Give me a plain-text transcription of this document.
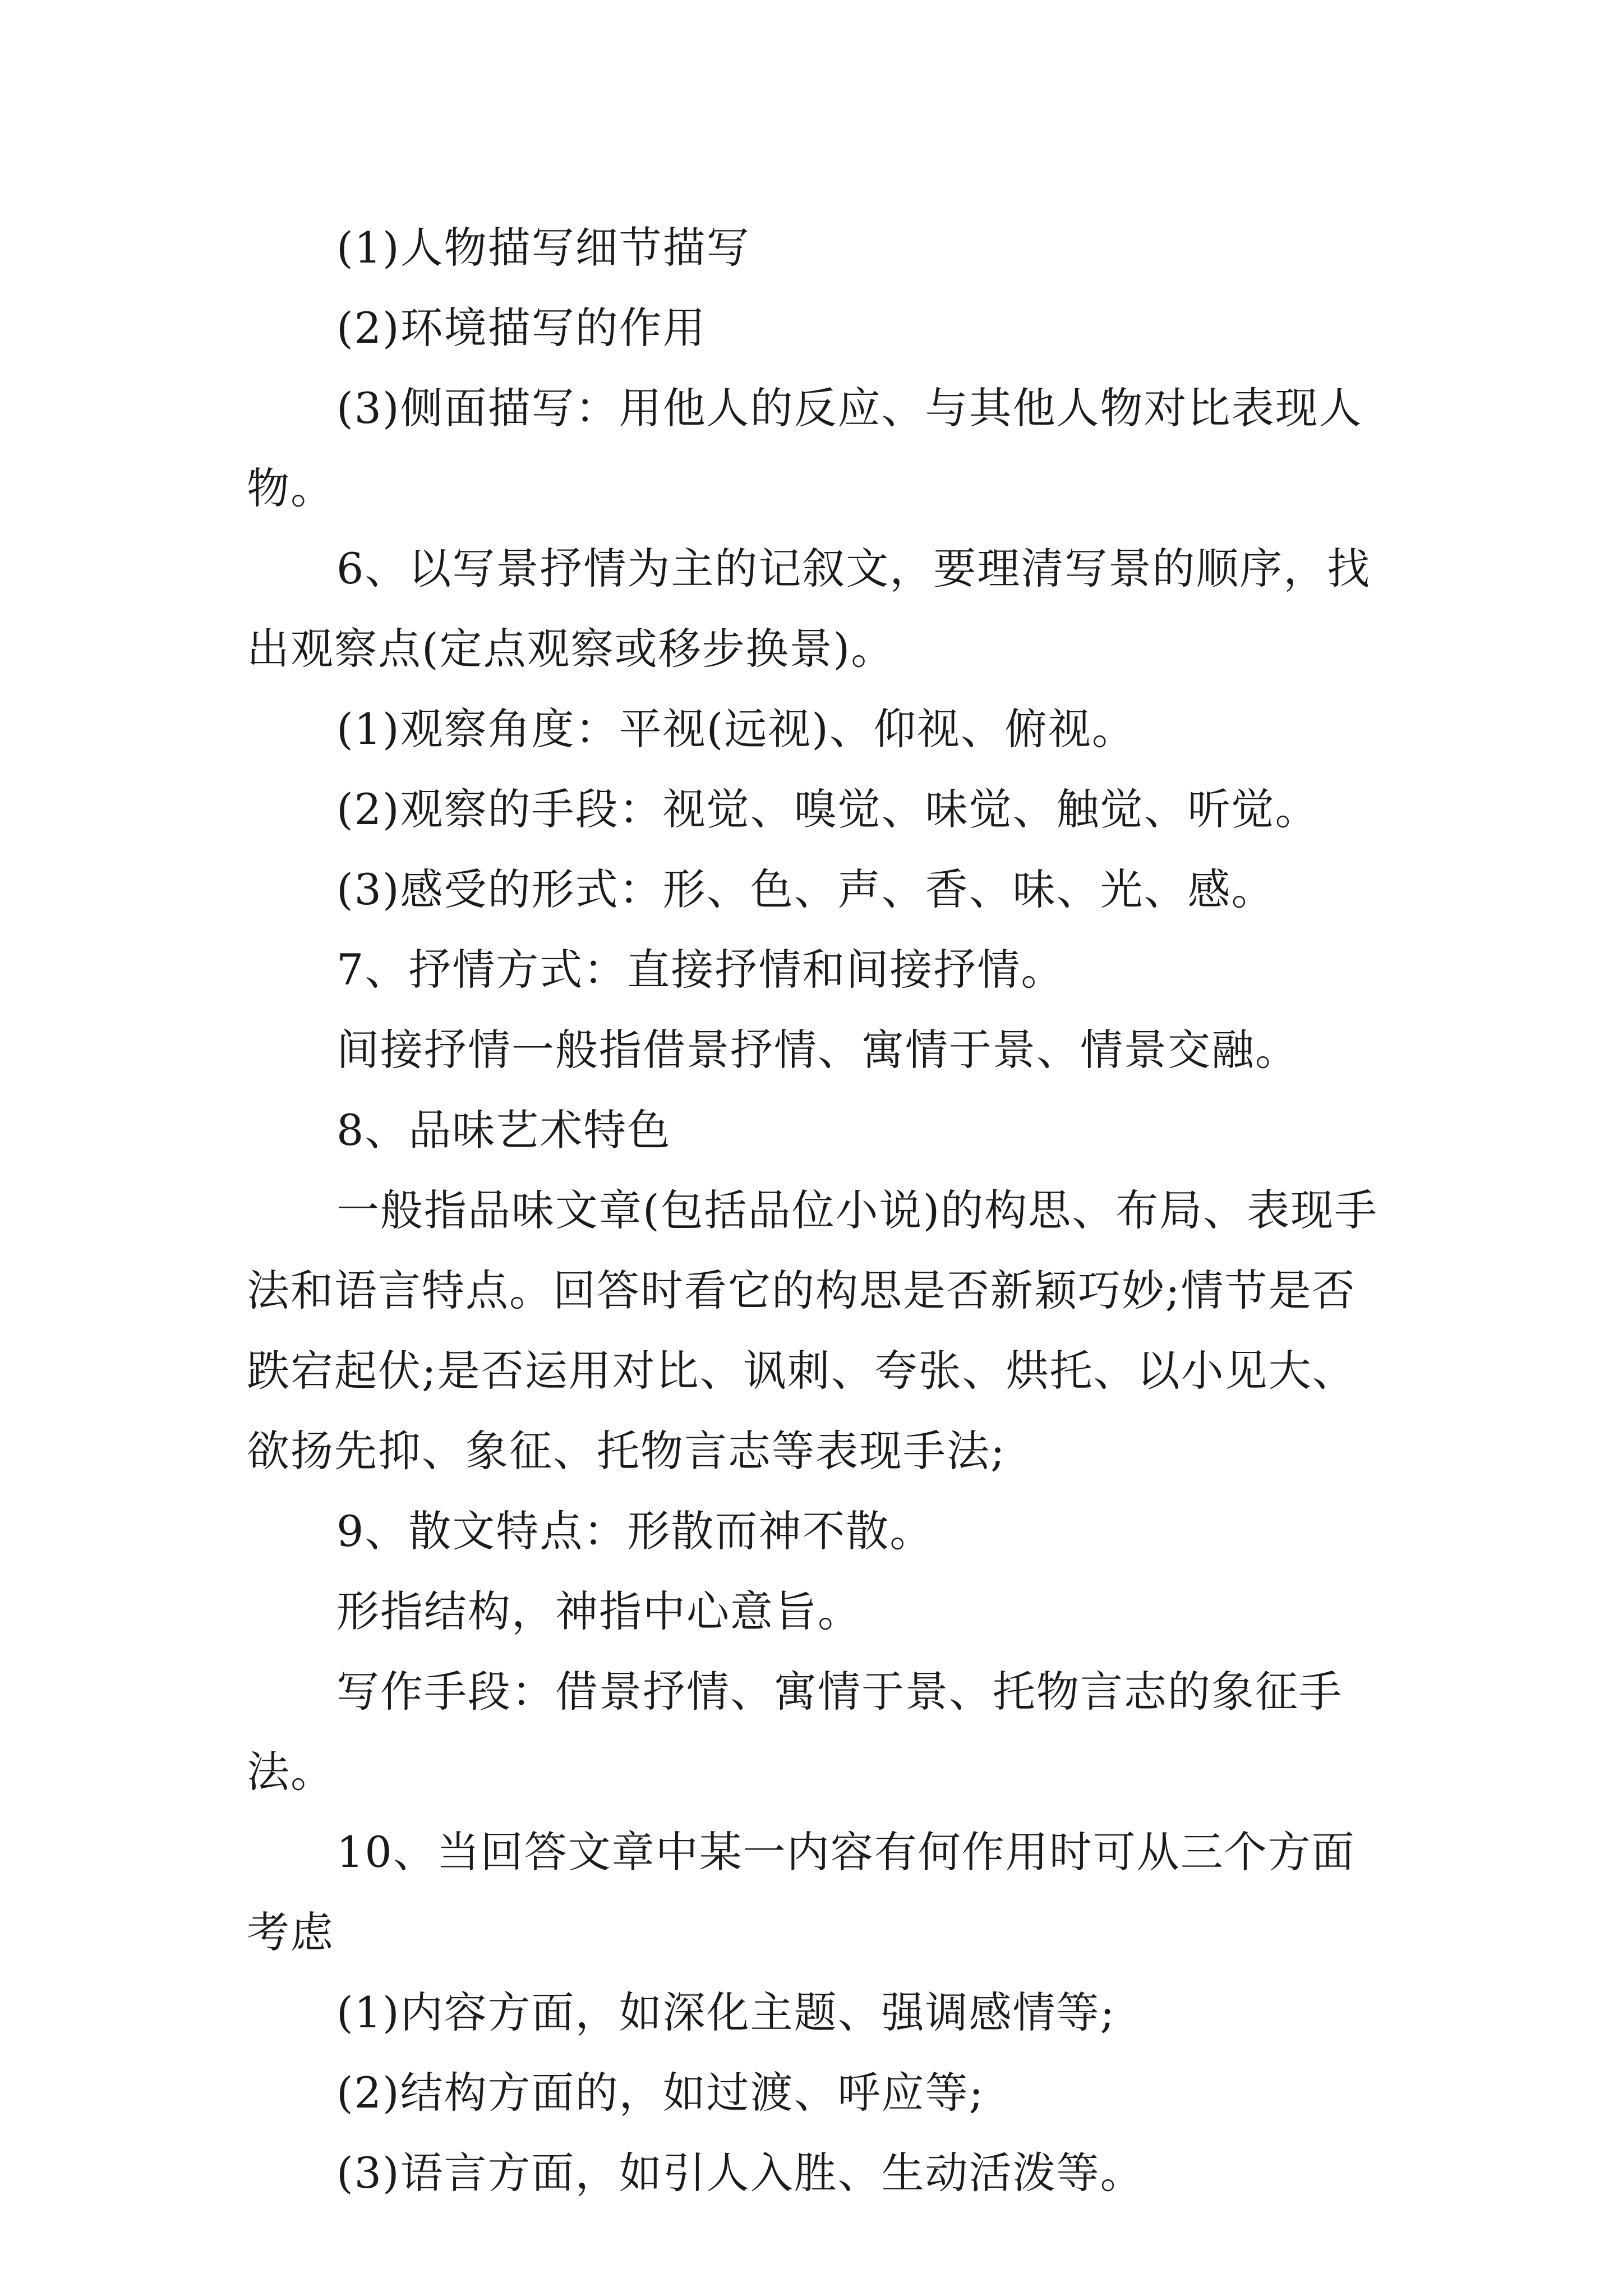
(1)人物描写细节描写

(2)环境描写的作用

(3)侧面描写：用他人的反应、与其他人物对比表现人物。

6、以写景抒情为主的记叙文，要理清写景的顺序，找出观察点(定点观察或移步换景)。

(1)观察角度：平视(远视)、仰视、俯视。

(2)观察的手段：视觉、嗅觉、味觉、触觉、听觉。

(3)感受的形式：形、色、声、香、味、光、感。

7、抒情方式：直接抒情和间接抒情。

间接抒情一般指借景抒情、寓情于景、情景交融。

8、品味艺术特色

一般指品味文章(包括品位小说)的构思、布局、表现手法和语言特点。回答时看它的构思是否新颖巧妙;情节是否跌宕起伏;是否运用对比、讽刺、夸张、烘托、以小见大、欲扬先抑、象征、托物言志等表现手法;

9、散文特点：形散而神不散。

形指结构，神指中心意旨。

写作手段：借景抒情、寓情于景、托物言志的象征手法。

10、当回答文章中某一内容有何作用时可从三个方面考虑

(1)内容方面，如深化主题、强调感情等;

(2)结构方面的，如过渡、呼应等;

(3)语言方面，如引人入胜、生动活泼等。
